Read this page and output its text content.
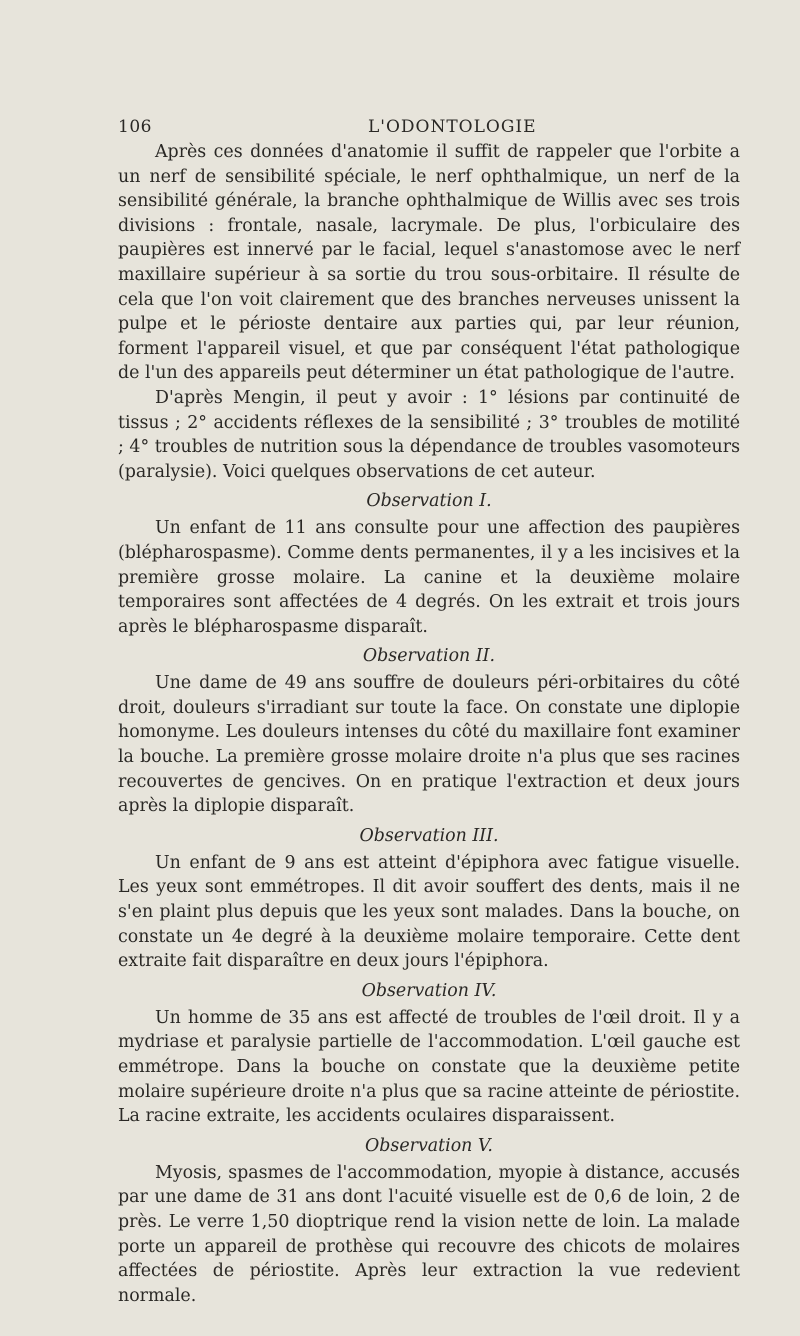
106	L'ODONTOLOGIE

Après ces données d'anatomie il suffit de rappeler que l'orbite a un nerf de sensibilité spéciale, le nerf ophthalmique, un nerf de la sensibilité générale, la branche ophthalmique de Willis avec ses trois divisions : frontale, nasale, lacrymale. De plus, l'orbiculaire des paupières est innervé par le facial, lequel s'anastomose avec le nerf maxillaire supérieur à sa sortie du trou sous-orbitaire. Il résulte de cela que l'on voit clairement que des branches nerveuses unissent la pulpe et le périoste dentaire aux parties qui, par leur réunion, forment l'appareil visuel, et que par conséquent l'état pathologique de l'un des appareils peut déterminer un état pathologique de l'autre.

D'après Mengin, il peut y avoir : 1° lésions par continuité de tissus ; 2° accidents réflexes de la sensibilité ; 3° troubles de motilité ; 4° troubles de nutrition sous la dépendance de troubles vasomoteurs (paralysie). Voici quelques observations de cet auteur.

Observation I.

Un enfant de 11 ans consulte pour une affection des paupières (blépharospasme). Comme dents permanentes, il y a les incisives et la première grosse molaire. La canine et la deuxième molaire temporaires sont affectées de 4 degrés. On les extrait et trois jours après le blépharospasme disparaît.

Observation II.

Une dame de 49 ans souffre de douleurs péri-orbitaires du côté droit, douleurs s'irradiant sur toute la face. On constate une diplopie homonyme. Les douleurs intenses du côté du maxillaire font examiner la bouche. La première grosse molaire droite n'a plus que ses racines recouvertes de gencives. On en pratique l'extraction et deux jours après la diplopie disparaît.

Observation III.

Un enfant de 9 ans est atteint d'épiphora avec fatigue visuelle. Les yeux sont emmétropes. Il dit avoir souffert des dents, mais il ne s'en plaint plus depuis que les yeux sont malades. Dans la bouche, on constate un 4e degré à la deuxième molaire temporaire. Cette dent extraite fait disparaître en deux jours l'épiphora.

Observation IV.

Un homme de 35 ans est affecté de troubles de l'œil droit. Il y a mydriase et paralysie partielle de l'accommodation. L'œil gauche est emmétrope. Dans la bouche on constate que la deuxième petite molaire supérieure droite n'a plus que sa racine atteinte de périostite. La racine extraite, les accidents oculaires disparaissent.

Observation V.

Myosis, spasmes de l'accommodation, myopie à distance, accusés par une dame de 31 ans dont l'acuité visuelle est de 0,6 de loin, 2 de près. Le verre 1,50 dioptrique rend la vision nette de loin. La malade porte un appareil de prothèse qui recouvre des chicots de molaires affectées de périostite. Après leur extraction la vue redevient normale.
